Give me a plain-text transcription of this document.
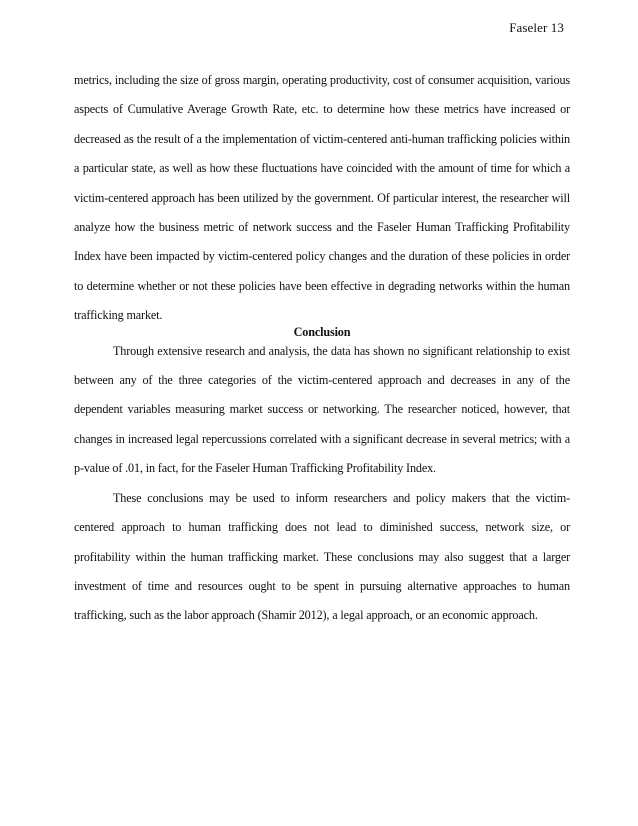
Faseler 13

metrics, including the size of gross margin, operating productivity, cost of consumer acquisition, various aspects of Cumulative Average Growth Rate, etc. to determine how these metrics have increased or decreased as the result of a the implementation of victim-centered anti-human trafficking policies within a particular state, as well as how these fluctuations have coincided with the amount of time for which a victim-centered approach has been utilized by the government. Of particular interest, the researcher will analyze how the business metric of network success and the Faseler Human Trafficking Profitability Index have been impacted by victim-centered policy changes and the duration of these policies in order to determine whether or not these policies have been effective in degrading networks within the human trafficking market.

Conclusion

Through extensive research and analysis, the data has shown no significant relationship to exist between any of the three categories of the victim-centered approach and decreases in any of the dependent variables measuring market success or networking. The researcher noticed, however, that changes in increased legal repercussions correlated with a significant decrease in several metrics; with a p-value of .01, in fact, for the Faseler Human Trafficking Profitability Index.

These conclusions may be used to inform researchers and policy makers that the victim-centered approach to human trafficking does not lead to diminished success, network size, or profitability within the human trafficking market. These conclusions may also suggest that a larger investment of time and resources ought to be spent in pursuing alternative approaches to human trafficking, such as the labor approach (Shamir 2012), a legal approach, or an economic approach.
